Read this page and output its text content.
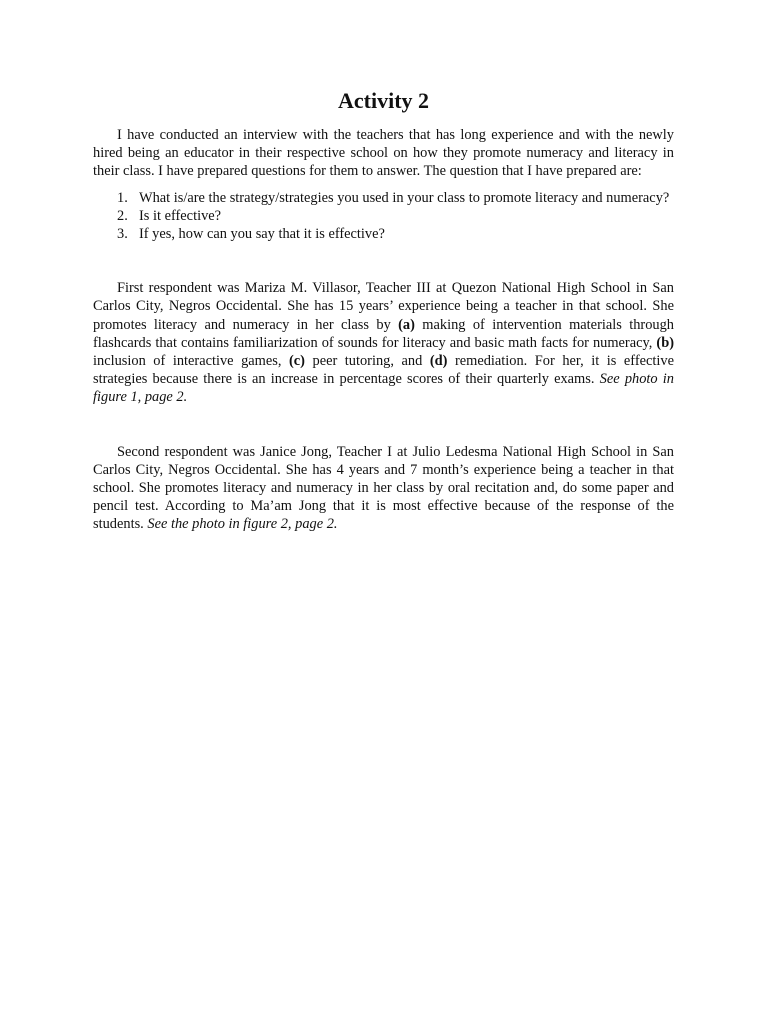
Activity 2

I have conducted an interview with the teachers that has long experience and with the newly hired being an educator in their respective school on how they promote numeracy and literacy in their class. I have prepared questions for them to answer. The question that I have prepared are:

1. What is/are the strategy/strategies you used in your class to promote literacy and numeracy?
2. Is it effective?
3. If yes, how can you say that it is effective?

First respondent was Mariza M. Villasor, Teacher III at Quezon National High School in San Carlos City, Negros Occidental. She has 15 years’ experience being a teacher in that school. She promotes literacy and numeracy in her class by (a) making of intervention materials through flashcards that contains familiarization of sounds for literacy and basic math facts for numeracy, (b) inclusion of interactive games, (c) peer tutoring, and (d) remediation. For her, it is effective strategies because there is an increase in percentage scores of their quarterly exams. See photo in figure 1, page 2.

Second respondent was Janice Jong, Teacher I at Julio Ledesma National High School in San Carlos City, Negros Occidental. She has 4 years and 7 month’s experience being a teacher in that school. She promotes literacy and numeracy in her class by oral recitation and, do some paper and pencil test. According to Ma’am Jong that it is most effective because of the response of the students. See the photo in figure 2, page 2.
